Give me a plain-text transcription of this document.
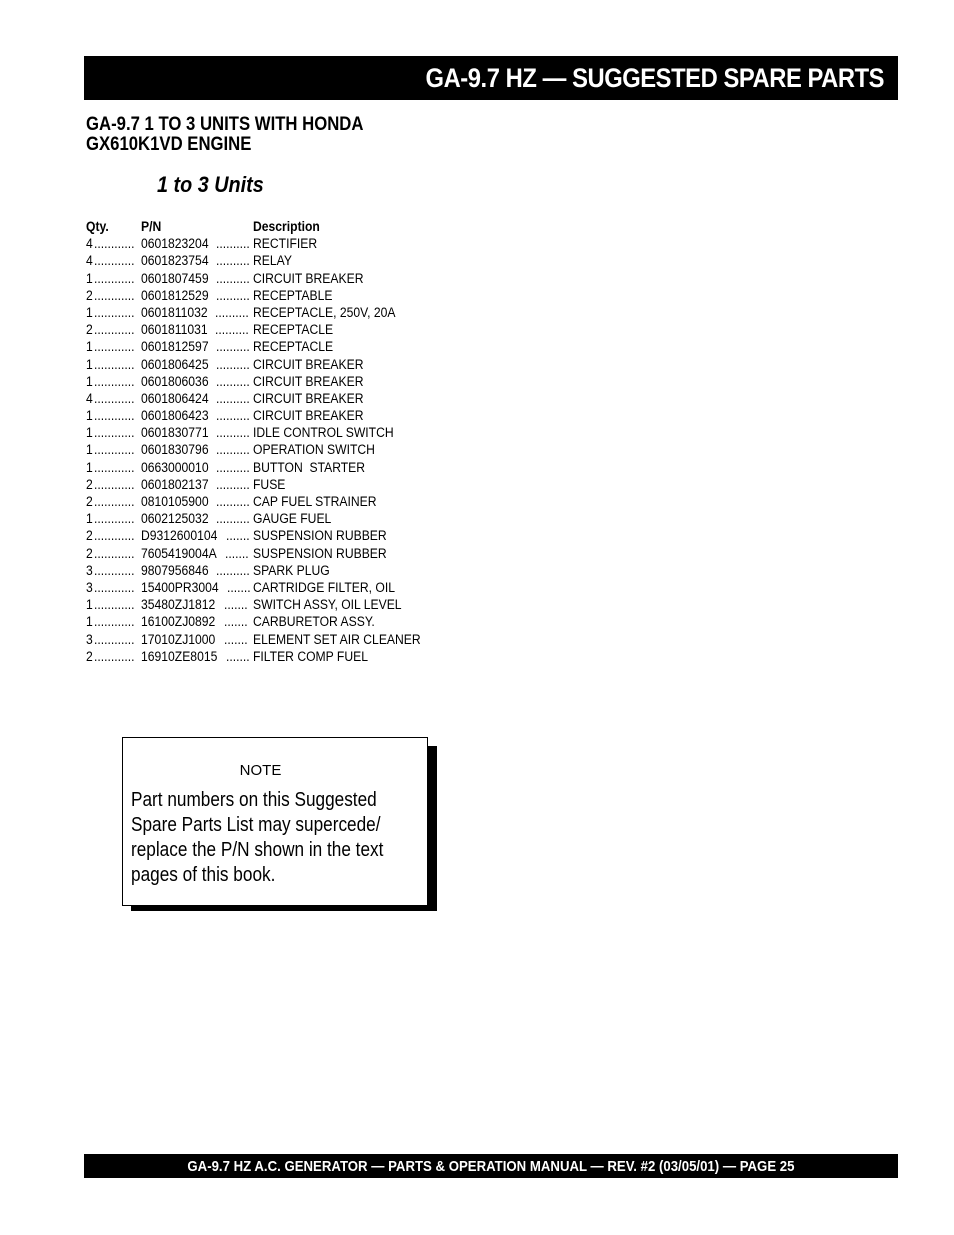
GA-9.7 HZ — SUGGESTED SPARE PARTS
GA-9.7 1 TO 3 UNITS WITH HONDA
GX610K1VD ENGINE
1 to 3 Units
Qty. P/N	Description
4............ 0601823204.......... RECTIFIER
4............ 0601823754.......... RELAY
1............ 0601807459.......... CIRCUIT BREAKER
2............ 0601812529.......... RECEPTABLE
1............ 0601811032.......... RECEPTACLE, 250V, 20A
2............ 0601811031.......... RECEPTACLE
1............ 0601812597.......... RECEPTACLE
1............ 0601806425.......... CIRCUIT BREAKER
1............ 0601806036.......... CIRCUIT BREAKER
4............ 0601806424.......... CIRCUIT BREAKER
1............ 0601806423.......... CIRCUIT BREAKER
1............ 0601830771.......... IDLE CONTROL SWITCH
1............ 0601830796.......... OPERATION SWITCH
1............ 0663000010.......... BUTTON  STARTER
2............ 0601802137.......... FUSE
2............ 0810105900.......... CAP FUEL STRAINER
1............ 0602125032.......... GAUGE FUEL
2............ D9312600104....... SUSPENSION RUBBER
2............ 7605419004A....... SUSPENSION RUBBER
3............ 9807956846.......... SPARK PLUG
3............ 15400PR3004....... CARTRIDGE FILTER, OIL
1............ 35480ZJ1812....... SWITCH ASSY, OIL LEVEL
1............ 16100ZJ0892....... CARBURETOR ASSY.
3............ 17010ZJ1000....... ELEMENT SET AIR CLEANER
2............ 16910ZE8015....... FILTER COMP FUEL
NOTE
Part numbers on this Suggested
Spare Parts List may supercede/
replace the P/N shown in the text
pages of this book.
GA-9.7 HZ A.C. GENERATOR — PARTS & OPERATION MANUAL — REV. #2 (03/05/01) — PAGE 25
